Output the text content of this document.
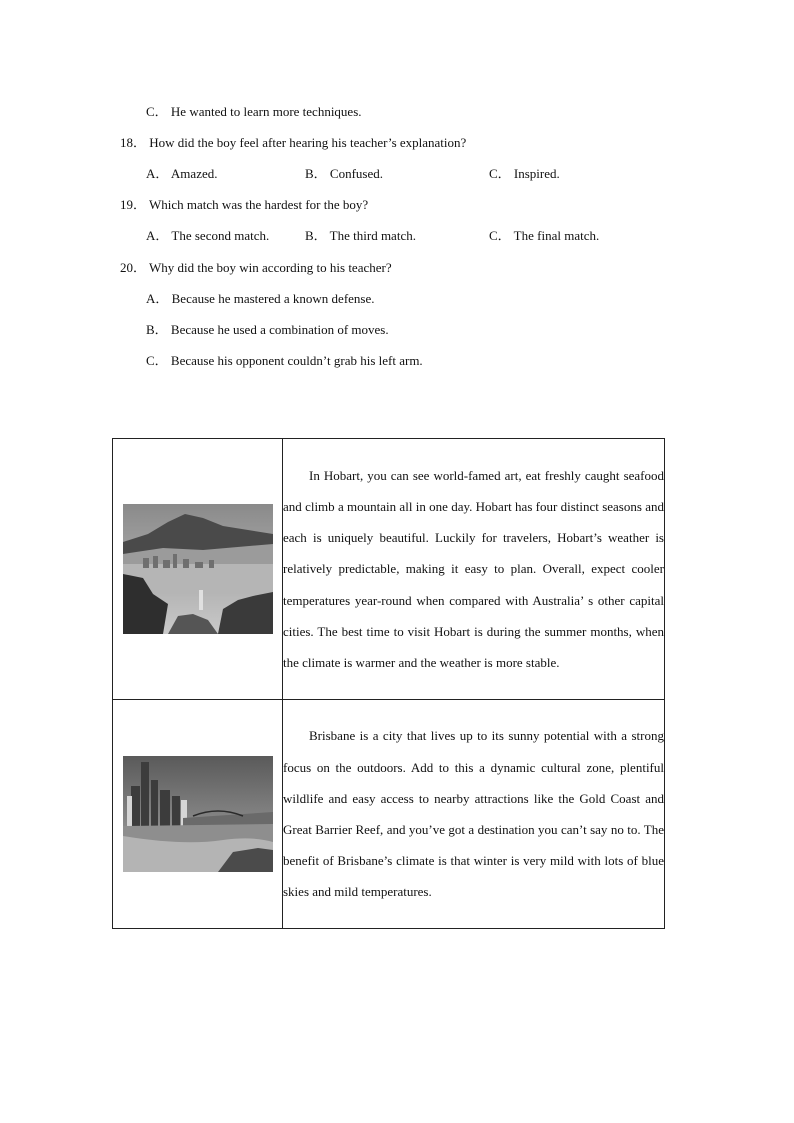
C． He wanted to learn more techniques.
18． How did the boy feel after hearing his teacher’s explanation?
A． Amazed.	B． Confused.	C． Inspired.
19． Which match was the hardest for the boy?
A． The second match.	B． The third match.	C． The final match.
20． Why did the boy win according to his teacher?
A． Because he mastered a known defense.
B． Because he used a combination of moves.
C． Because his opponent couldn’t grab his left arm.

In Hobart, you can see world-famed art, eat freshly caught seafood and climb a mountain all in one day. Hobart has four distinct seasons and each is uniquely beautiful. Luckily for travelers, Hobart’s weather is relatively predictable, making it easy to plan. Overall, expect cooler temperatures year-round when compared with Australia’ s other capital cities. The best time to visit Hobart is during the summer months, when the climate is warmer and the weather is more stable.

Brisbane is a city that lives up to its sunny potential with a strong focus on the outdoors. Add to this a dynamic cultural zone, plentiful wildlife and easy access to nearby attractions like the Gold Coast and Great Barrier Reef, and you’ve got a destination you can’t say no to. The benefit of Brisbane’s climate is that winter is very mild with lots of blue skies and mild temperatures.
